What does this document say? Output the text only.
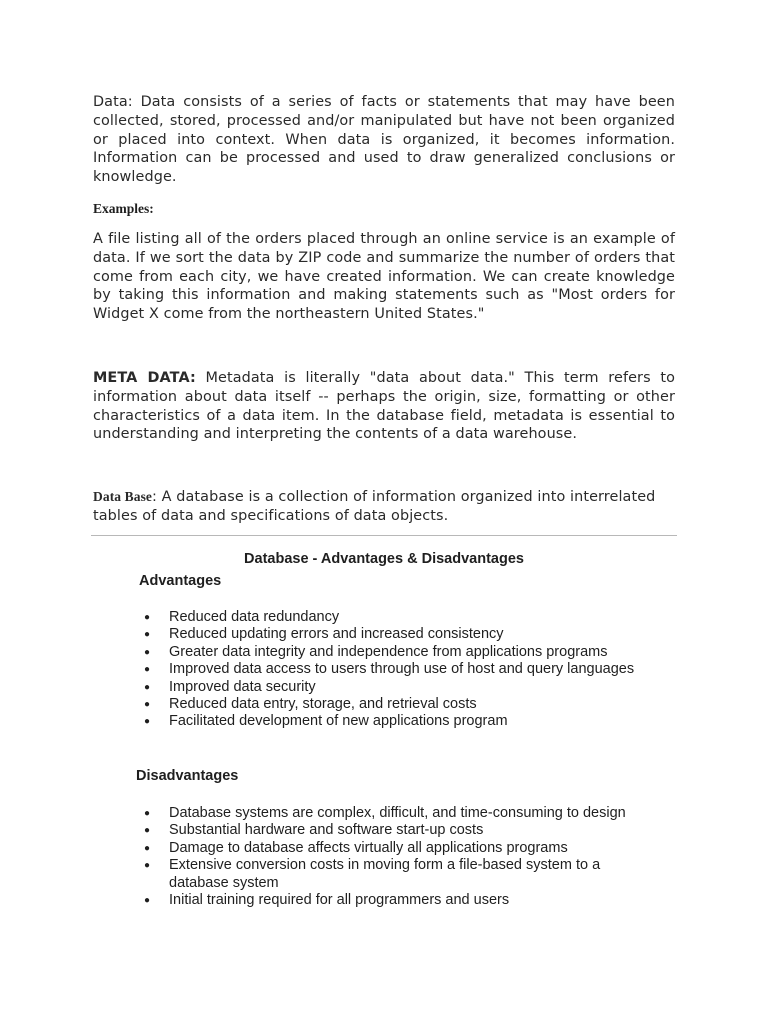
Data: Data consists of a series of facts or statements that may have been collected, stored, processed and/or manipulated but have not been organized or placed into context. When data is organized, it becomes information. Information can be processed and used to draw generalized conclusions or knowledge.

Examples:

A file listing all of the orders placed through an online service is an example of data. If we sort the data by ZIP code and summarize the number of orders that come from each city, we have created information. We can create knowledge by taking this information and making statements such as "Most orders for Widget X come from the northeastern United States."

META DATA: Metadata is literally "data about data." This term refers to information about data itself -- perhaps the origin, size, formatting or other characteristics of a data item. In the database field, metadata is essential to understanding and interpreting the contents of a data warehouse.

Data Base: A database is a collection of information organized into interrelated tables of data and specifications of data objects.

Database - Advantages & Disadvantages
Advantages
● Reduced data redundancy
● Reduced updating errors and increased consistency
● Greater data integrity and independence from applications programs
● Improved data access to users through use of host and query languages
● Improved data security
● Reduced data entry, storage, and retrieval costs
● Facilitated development of new applications program
Disadvantages
● Database systems are complex, difficult, and time-consuming to design
● Substantial hardware and software start-up costs
● Damage to database affects virtually all applications programs
● Extensive conversion costs in moving form a file-based system to a database system
● Initial training required for all programmers and users
